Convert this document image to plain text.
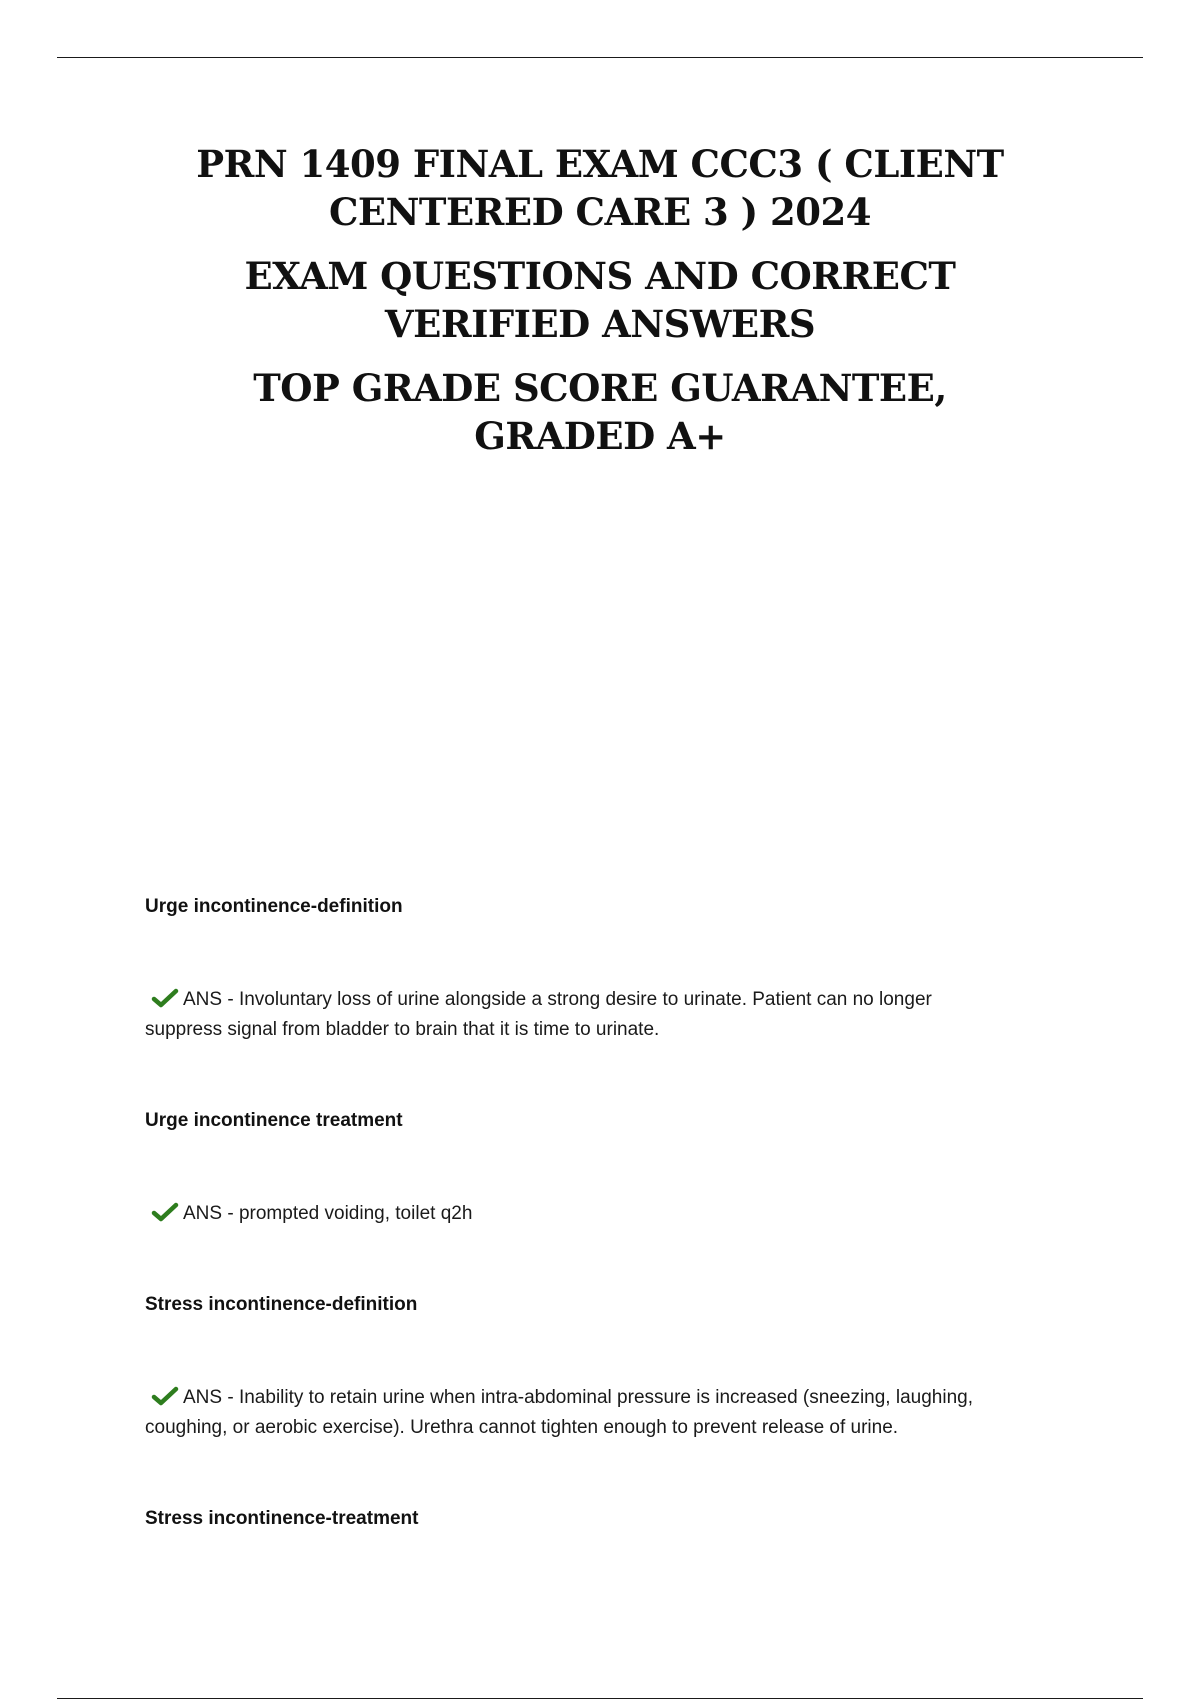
PRN 1409 FINAL EXAM CCC3 ( CLIENT
CENTERED CARE 3 ) 2024
EXAM QUESTIONS AND CORRECT
VERIFIED ANSWERS
TOP GRADE SCORE GUARANTEE,
GRADED A+
Urge incontinence-definition
ANS - Involuntary loss of urine alongside a strong desire to urinate. Patient can no longer
suppress signal from bladder to brain that it is time to urinate.
Urge incontinence treatment
ANS - prompted voiding, toilet q2h
Stress incontinence-definition
ANS - Inability to retain urine when intra-abdominal pressure is increased (sneezing, laughing,
coughing, or aerobic exercise). Urethra cannot tighten enough to prevent release of urine.
Stress incontinence-treatment
